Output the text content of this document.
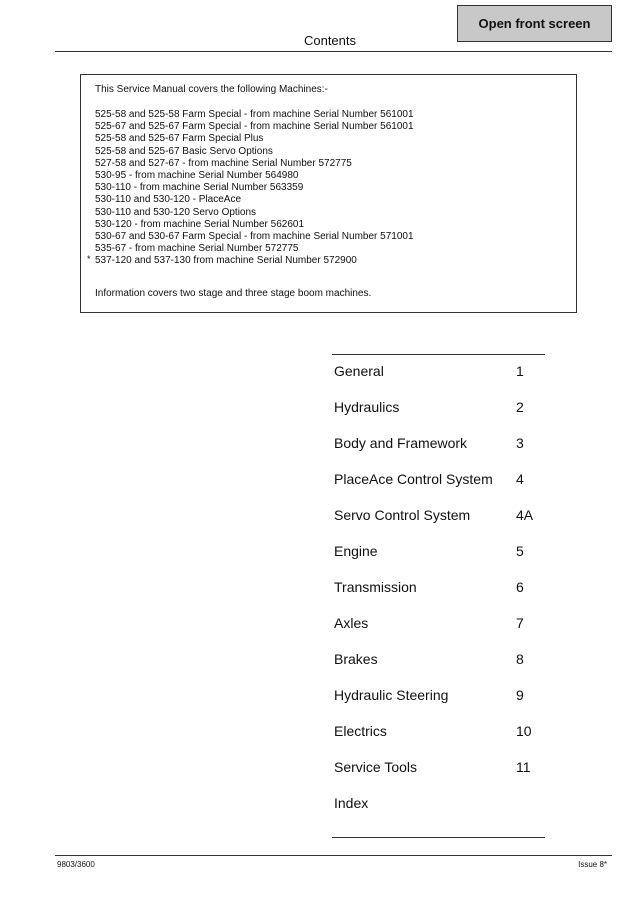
Open front screen
Contents
This Service Manual covers the following Machines:-
525-58 and 525-58 Farm Special - from machine Serial Number 561001
525-67 and 525-67 Farm Special - from machine Serial Number 561001
525-58 and 525-67 Farm Special Plus
525-58 and 525-67 Basic Servo Options
527-58 and 527-67 - from machine Serial Number 572775
530-95 - from machine Serial Number 564980
530-110 - from machine Serial Number 563359
530-110 and 530-120 - PlaceAce
530-110 and 530-120 Servo Options
530-120 - from machine Serial Number 562601
530-67 and 530-67 Farm Special - from machine Serial Number 571001
535-67 - from machine Serial Number 572775
* 537-120 and 537-130 from machine Serial Number 572900
Information covers two stage and three stage boom machines.
General	1
Hydraulics	2
Body and Framework	3
PlaceAce Control System 4
Servo Control System	4A
Engine	5
Transmission	6
Axles	7
Brakes	8
Hydraulic Steering	9
Electrics	10
Service Tools	11
Index
9803/3600	Issue 8*
